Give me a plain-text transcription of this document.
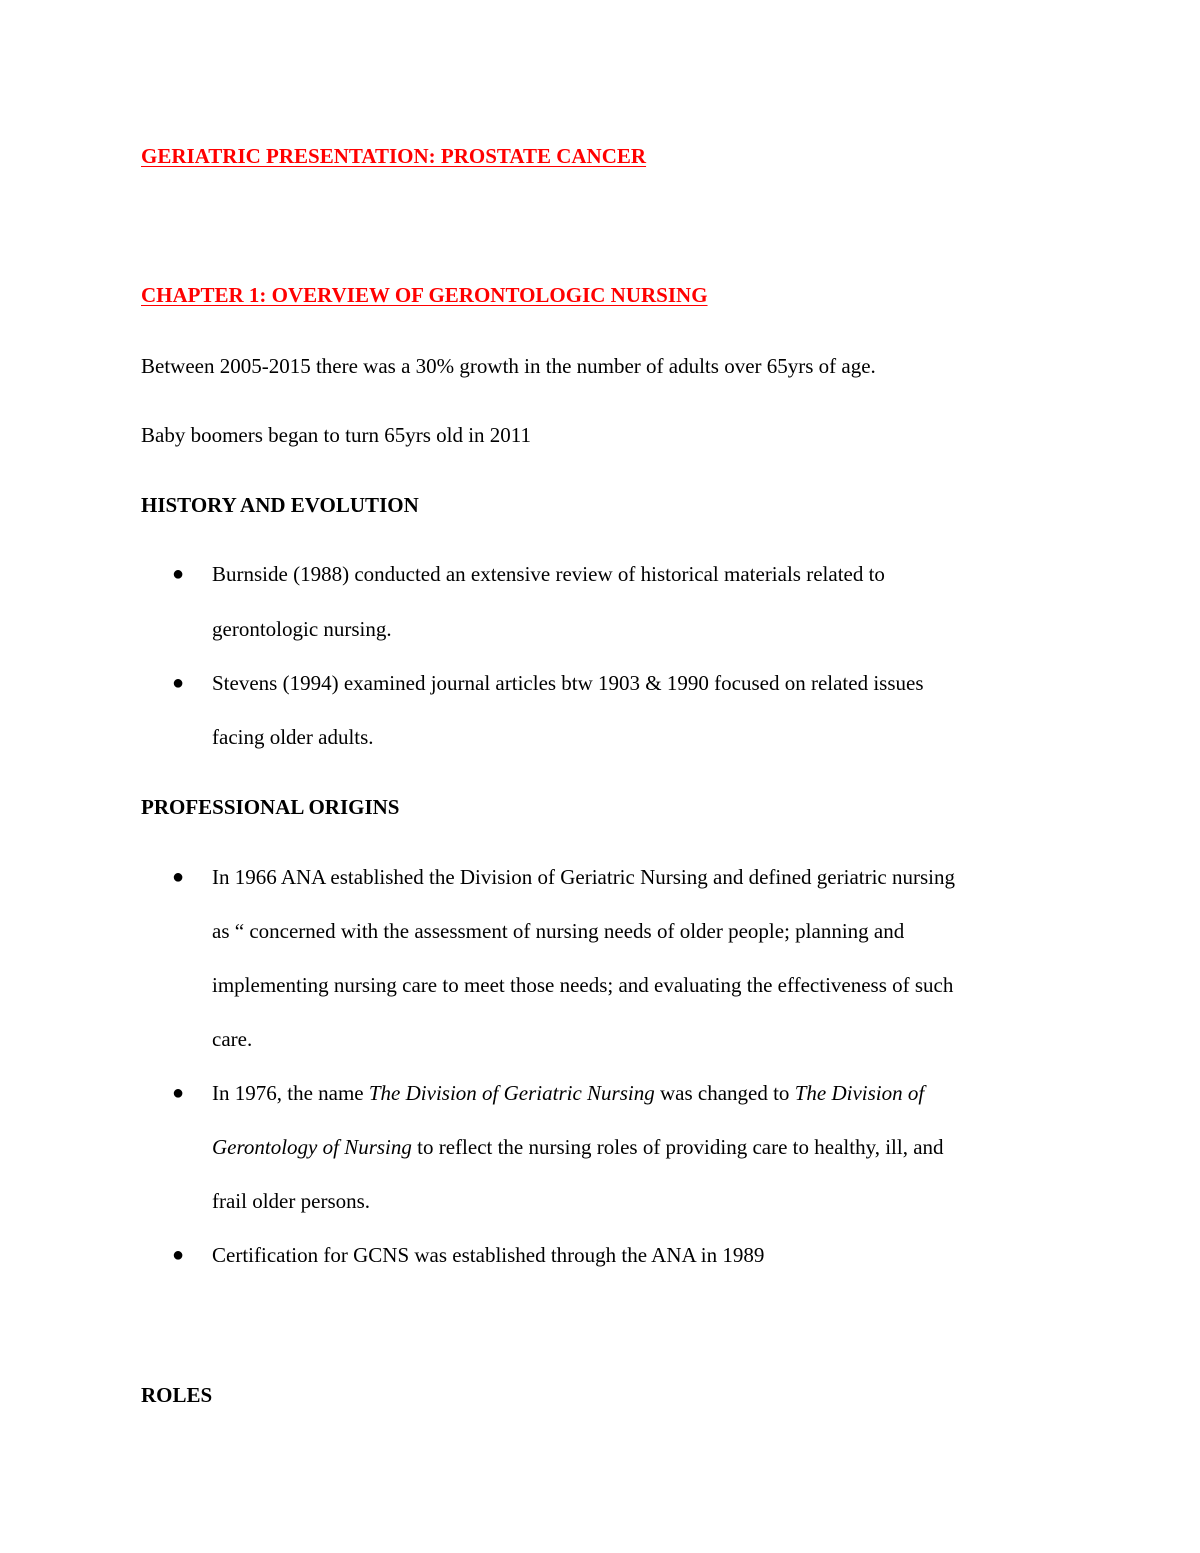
GERIATRIC PRESENTATION: PROSTATE CANCER
CHAPTER 1: OVERVIEW OF GERONTOLOGIC NURSING
Between 2005-2015 there was a 30% growth in the number of adults over 65yrs of age.
Baby boomers began to turn 65yrs old in 2011
HISTORY AND EVOLUTION
● Burnside (1988) conducted an extensive review of historical materials related to
gerontologic nursing.
● Stevens (1994) examined journal articles btw 1903 & 1990 focused on related issues
facing older adults.
PROFESSIONAL ORIGINS
● In 1966 ANA established the Division of Geriatric Nursing and defined geriatric nursing
as “ concerned with the assessment of nursing needs of older people; planning and
implementing nursing care to meet those needs; and evaluating the effectiveness of such
care.
● In 1976, the name The Division of Geriatric Nursing was changed to The Division of
Gerontology of Nursing to reflect the nursing roles of providing care to healthy, ill, and
frail older persons.
● Certification for GCNS was established through the ANA in 1989
ROLES
